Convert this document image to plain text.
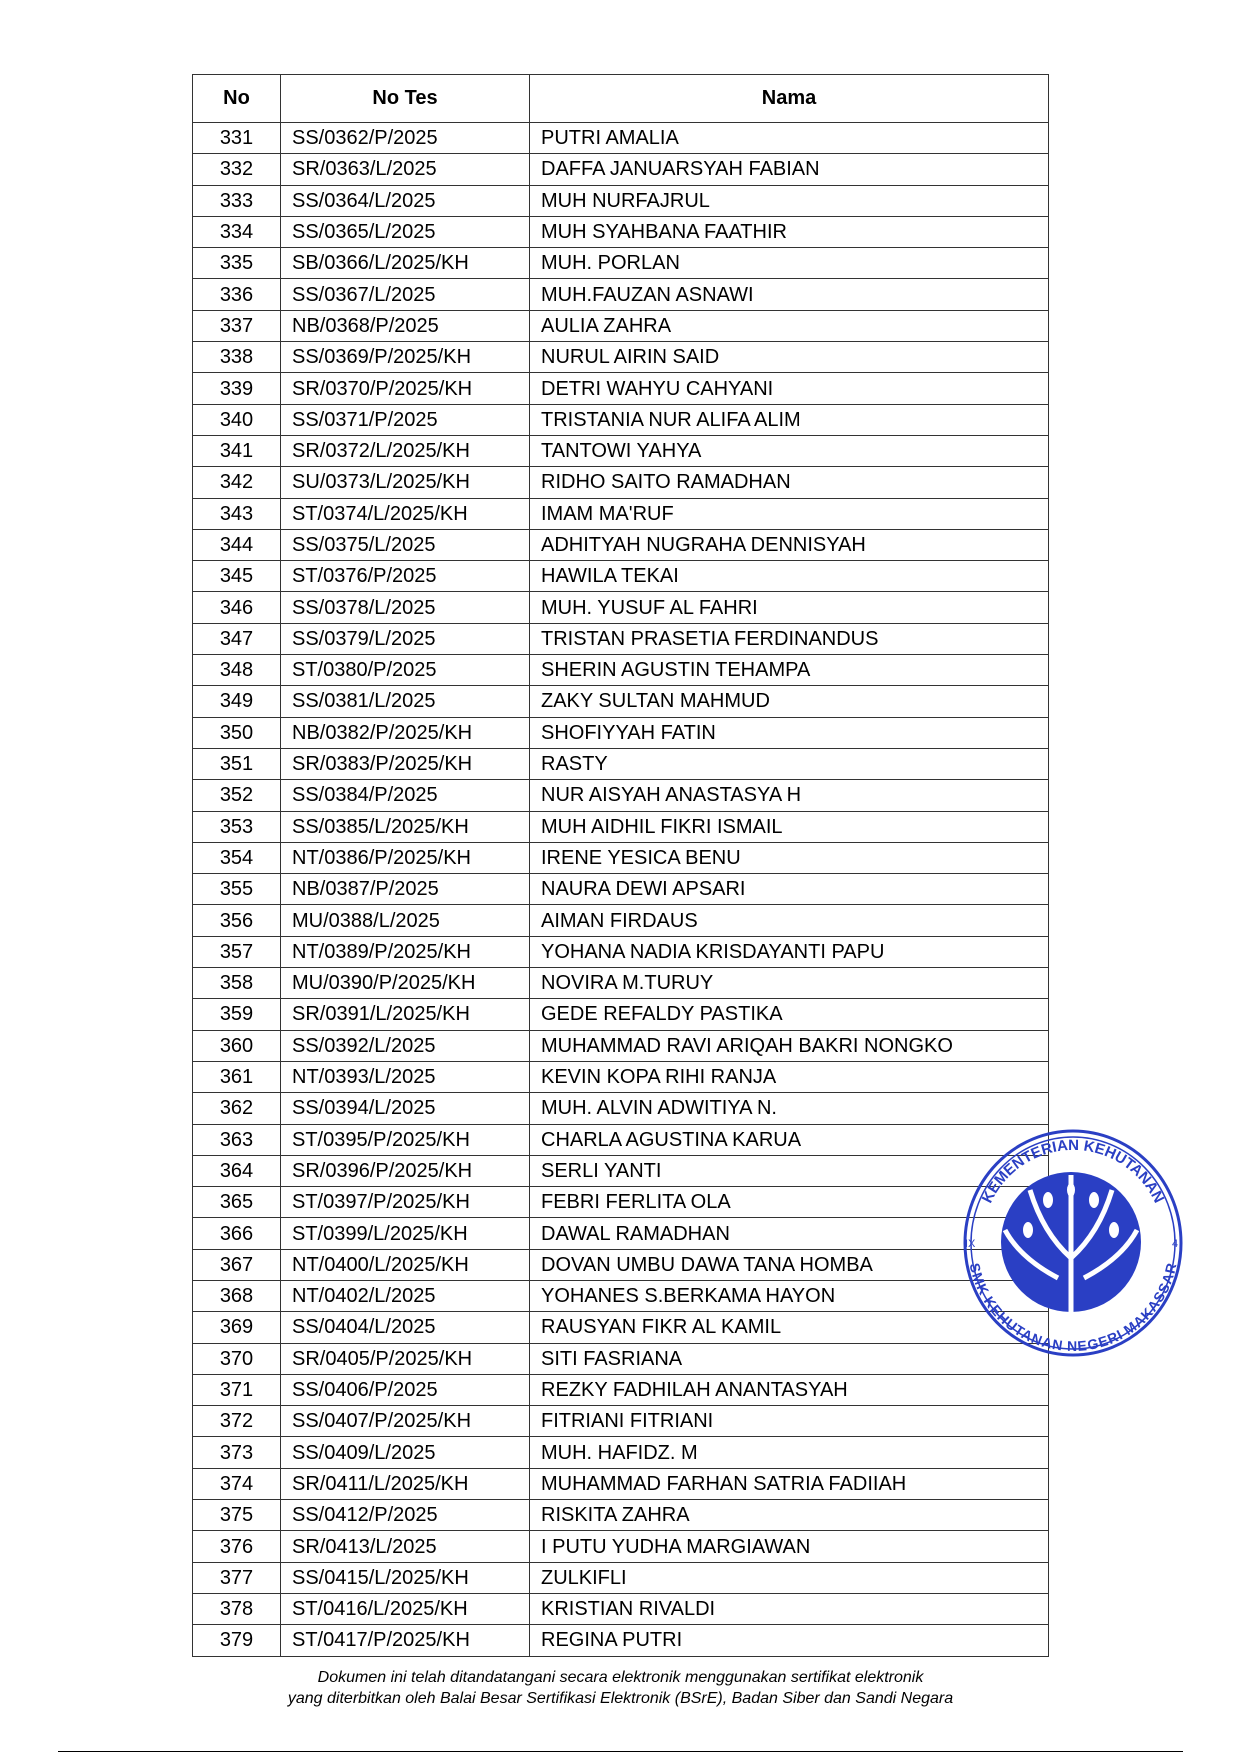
No	No Tes	Nama
331	SS/0362/P/2025	PUTRI AMALIA
332	SR/0363/L/2025	DAFFA JANUARSYAH FABIAN
333	SS/0364/L/2025	MUH NURFAJRUL
334	SS/0365/L/2025	MUH SYAHBANA FAATHIR
335	SB/0366/L/2025/KH	MUH. PORLAN
336	SS/0367/L/2025	MUH.FAUZAN ASNAWI
337	NB/0368/P/2025	AULIA ZAHRA
338	SS/0369/P/2025/KH	NURUL AIRIN SAID
339	SR/0370/P/2025/KH	DETRI WAHYU CAHYANI
340	SS/0371/P/2025	TRISTANIA NUR ALIFA ALIM
341	SR/0372/L/2025/KH	TANTOWI YAHYA
342	SU/0373/L/2025/KH	RIDHO SAITO RAMADHAN
343	ST/0374/L/2025/KH	IMAM MA'RUF
344	SS/0375/L/2025	ADHITYAH NUGRAHA DENNISYAH
345	ST/0376/P/2025	HAWILA TEKAI
346	SS/0378/L/2025	MUH. YUSUF AL FAHRI
347	SS/0379/L/2025	TRISTAN PRASETIA FERDINANDUS
348	ST/0380/P/2025	SHERIN AGUSTIN TEHAMPA
349	SS/0381/L/2025	ZAKY SULTAN MAHMUD
350	NB/0382/P/2025/KH	SHOFIYYAH FATIN
351	SR/0383/P/2025/KH	RASTY
352	SS/0384/P/2025	NUR AISYAH ANASTASYA H
353	SS/0385/L/2025/KH	MUH AIDHIL FIKRI ISMAIL
354	NT/0386/P/2025/KH	IRENE YESICA BENU
355	NB/0387/P/2025	NAURA DEWI APSARI
356	MU/0388/L/2025	AIMAN FIRDAUS
357	NT/0389/P/2025/KH	YOHANA NADIA KRISDAYANTI PAPU
358	MU/0390/P/2025/KH	NOVIRA M.TURUY
359	SR/0391/L/2025/KH	GEDE REFALDY PASTIKA
360	SS/0392/L/2025	MUHAMMAD RAVI ARIQAH BAKRI NONGKO
361	NT/0393/L/2025	KEVIN KOPA RIHI RANJA
362	SS/0394/L/2025	MUH. ALVIN ADWITIYA N.
363	ST/0395/P/2025/KH	CHARLA AGUSTINA KARUA
364	SR/0396/P/2025/KH	SERLI YANTI
365	ST/0397/P/2025/KH	FEBRI FERLITA OLA
366	ST/0399/L/2025/KH	DAWAL RAMADHAN
367	NT/0400/L/2025/KH	DOVAN UMBU DAWA TANA HOMBA
368	NT/0402/L/2025	YOHANES S.BERKAMA HAYON
369	SS/0404/L/2025	RAUSYAN FIKR AL KAMIL
370	SR/0405/P/2025/KH	SITI FASRIANA
371	SS/0406/P/2025	REZKY FADHILAH ANANTASYAH
372	SS/0407/P/2025/KH	FITRIANI FITRIANI
373	SS/0409/L/2025	MUH. HAFIDZ. M
374	SR/0411/L/2025/KH	MUHAMMAD FARHAN SATRIA FADIIAH
375	SS/0412/P/2025	RISKITA ZAHRA
376	SR/0413/L/2025	I PUTU YUDHA MARGIAWAN
377	SS/0415/L/2025/KH	ZULKIFLI
378	ST/0416/L/2025/KH	KRISTIAN RIVALDI
379	ST/0417/P/2025/KH	REGINA PUTRI
KEMENTERIAN KEHUTANAN
SMK KEHUTANAN NEGERI MAKASSAR
IX	4
Dokumen ini telah ditandatangani secara elektronik menggunakan sertifikat elektronik
yang diterbitkan oleh Balai Besar Sertifikasi Elektronik (BSrE), Badan Siber dan Sandi Negara
